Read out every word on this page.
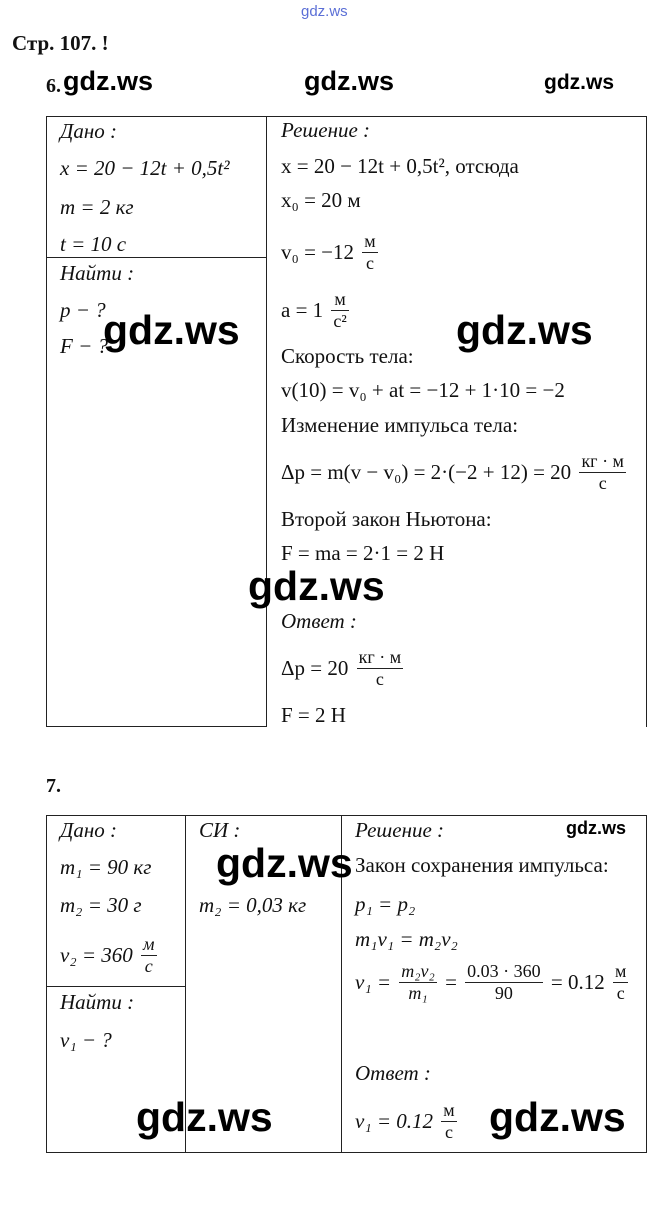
gdz.ws
Стр. 107. !
6. gdz.ws	gdz.ws	gdz.ws
Дано :
x = 20 − 12t + 0,5t²
m = 2 кг
t = 10 с
Найти :
p − ?
F − ?
Решение :
x = 20 − 12t + 0,5t², отсюда
x₀ = 20 м
$v_0 = -12 \frac{м}{с}$
$a = 1 \frac{м}{\text{с²}}$
Скорость тела:
v(10) = v₀ + at = −12 + 1·10 = −2
Изменение импульса тела:
$\Delta p = m(v - v_0) = 2\cdot(-2 + 12) = 20 \frac{кг \cdot м}{с}$
Второй закон Ньютона:
F = ma = 2·1 = 2 Н
Ответ :
$\Delta p = 20 \frac{кг \cdot м}{с}$
F = 2 Н
gdz.ws	gdz.ws
gdz.ws
7.
Дано :
m₁ = 90 кг
m₂ = 30 г
$v_2 = 360 \frac{м}{с}$
Найти :
v₁ − ?
СИ :
m₂ = 0,03 кг
Решение :
Закон сохранения импульса:
p₁ = p₂
m₁v₁ = m₂v₂
$v_1 = \frac{\text{m₂v₂}}{\text{m₁}} = \frac{0.03 \cdot 360}{90} = 0.12 \frac{м}{с}$
Ответ :
$v_1 = 0.12 \frac{м}{с}$
gdz.ws
gdz.ws
gdz.ws	gdz.ws
